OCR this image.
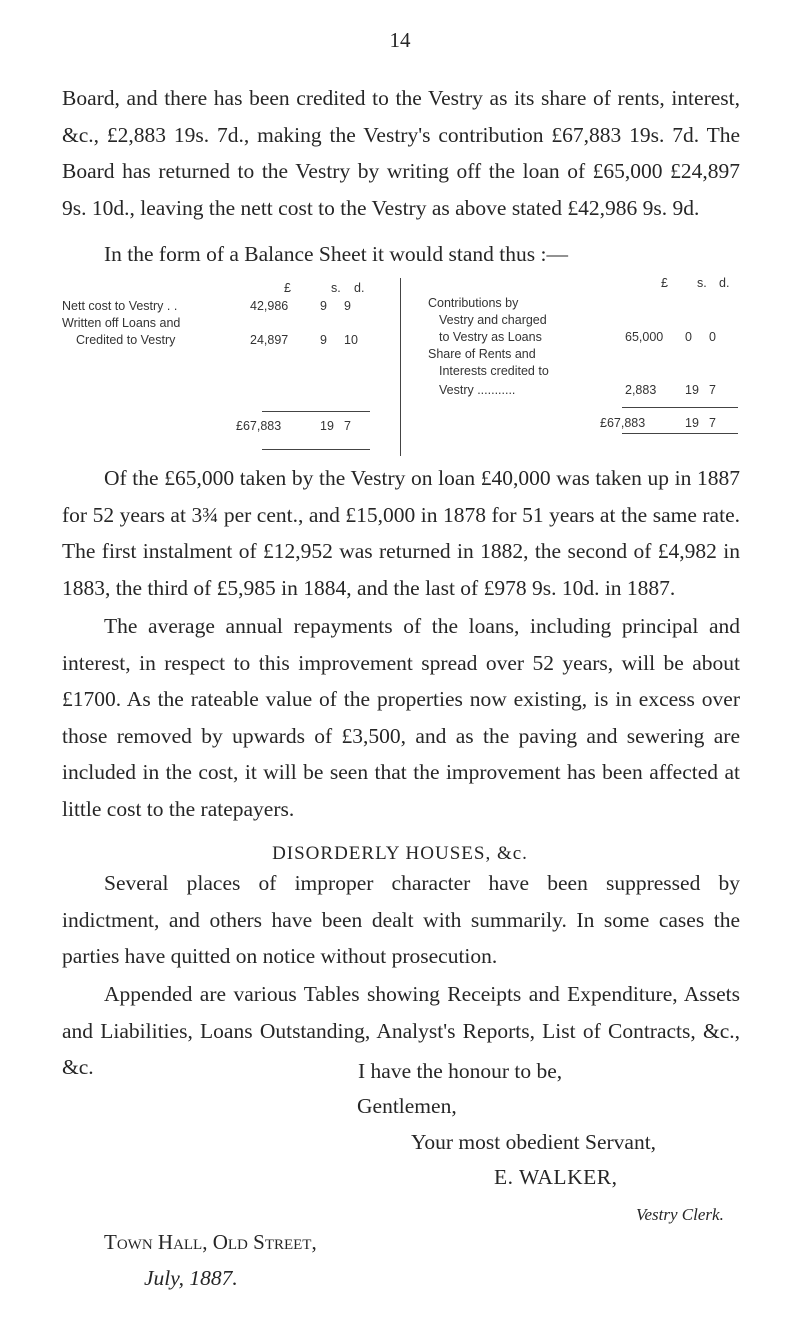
14

Board, and there has been credited to the Vestry as its share of rents, interest, &c., £2,883 19s. 7d., making the Vestry's contribution £67,883 19s. 7d. The Board has returned to the Vestry by writing off the loan of £65,000 £24,897 9s. 10d., leaving the nett cost to the Vestry as above stated £42,986 9s. 9d.

In the form of a Balance Sheet it would stand thus :—

£	s. d.
Nett cost to Vestry . .	42,986	9	9
Written off Loans and
Credited to Vestry	24,897	9	10
£67,883	19 7
£ s. d.
Contributions by
Vestry and charged
to Vestry as Loans	65,000	0	0
Share of Rents and
Interests credited to
Vestry ...........	2,883	19 7
£67,883	19 7

Of the £65,000 taken by the Vestry on loan £40,000 was taken up in 1887 for 52 years at 3¾ per cent., and £15,000 in 1878 for 51 years at the same rate. The first instalment of £12,952 was returned in 1882, the second of £4,982 in 1883, the third of £5,985 in 1884, and the last of £978 9s. 10d. in 1887.

The average annual repayments of the loans, including principal and interest, in respect to this improvement spread over 52 years, will be about £1700. As the rateable value of the properties now existing, is in excess over those removed by upwards of £3,500, and as the paving and sewering are included in the cost, it will be seen that the improvement has been affected at little cost to the ratepayers.

DISORDERLY HOUSES, &c.

Several places of improper character have been suppressed by indictment, and others have been dealt with summarily. In some cases the parties have quitted on notice without prosecution.

Appended are various Tables showing Receipts and Expenditure, Assets and Liabilities, Loans Outstanding, Analyst's Reports, List of Contracts, &c., &c.	I have the honour to be,
Gentlemen,
Your most obedient Servant,
E. WALKER,
Vestry Clerk.
Town Hall, Old Street,
July, 1887.
